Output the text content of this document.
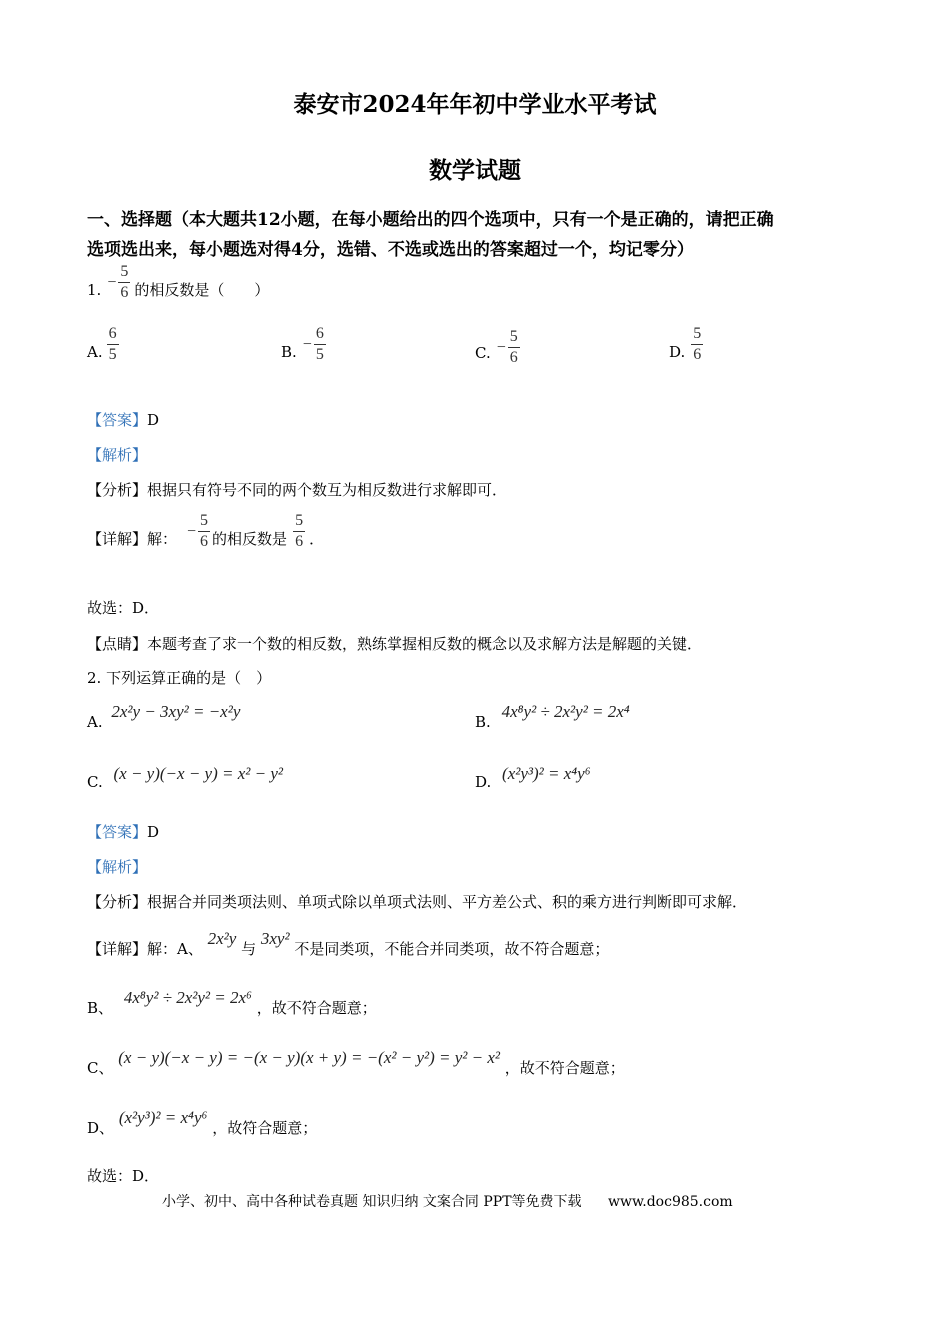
泰安市2024年年初中学业水平考试
数学试题
一、选择题（本大题共12小题，在每小题给出的四个选项中，只有一个是正确的，请把正确
选项选出来，每小题选对得4分，选错、不选或选出的答案超过一个，均记零分）
1. − $\frac{5}{6}$ 的相反数是（　　）
A. $\frac{6}{5}$	B. − $\frac{6}{5}$	C. − $\frac{5}{6}$	D. $\frac{5}{6}$
【答案】D
【解析】
【分析】根据只有符号不同的两个数互为相反数进行求解即可．
【详解】解： − $\frac{5}{6}$ 的相反数是 $\frac{5}{6}$ ．
故选：D．
【点睛】本题考查了求一个数的相反数，熟练掌握相反数的概念以及求解方法是解题的关键．
2. 下列运算正确的是（　）
A. 2x²y − 3xy² = −x²y
B. 4x⁸y² ÷ 2x²y² = 2x⁴
C. (x − y)(−x − y) = x² − y²	D. (x²y³)² = x⁴y⁶
【答案】D
【解析】
【分析】根据合并同类项法则、单项式除以单项式法则、平方差公式、积的乘方进行判断即可求解．
【详解】解：A、 2x²y 与 3xy² 不是同类项，不能合并同类项，故不符合题意；
B、 4x⁸y² ÷ 2x²y² = 2x⁶ ，故不符合题意；
C、 (x − y)(−x − y) = −(x − y)(x + y) = −(x² − y²) = y² − x² ，故不符合题意；
D、 (x²y³)² = x⁴y⁶ ，故符合题意；
故选：D．
小学、初中、高中各种试卷真题 知识归纳 文案合同 PPT等免费下载 www.doc985.com
